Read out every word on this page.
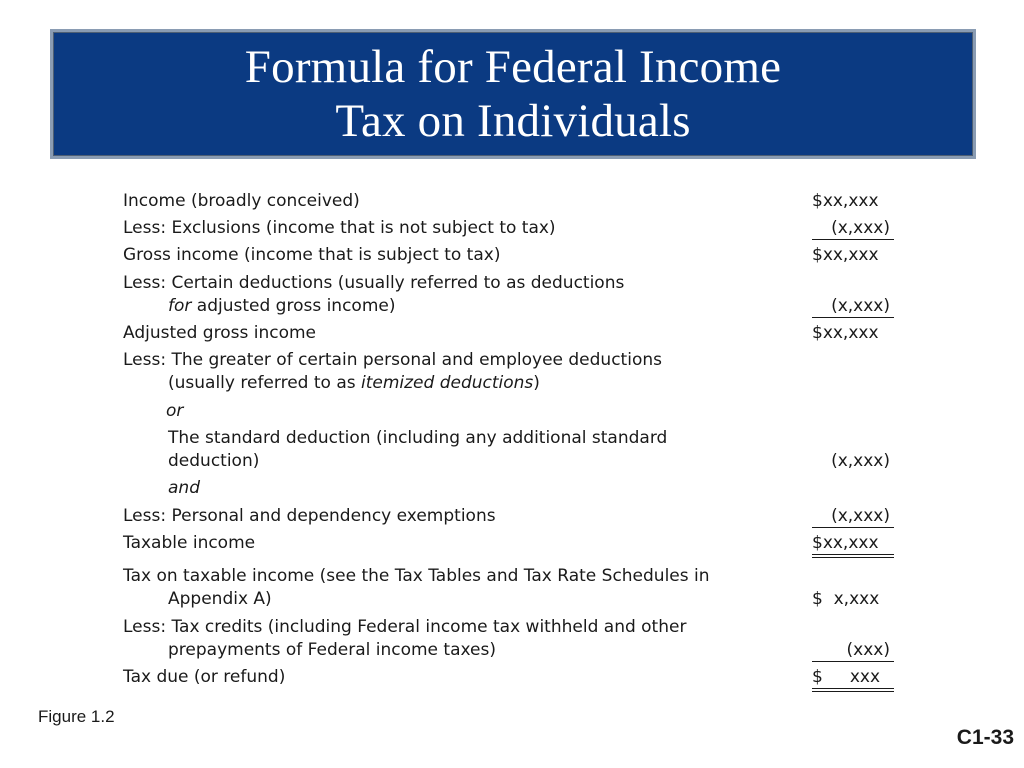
Formula for Federal Income
Tax on Individuals
Income (broadly conceived)	$xx,xxx
Less: Exclusions (income that is not subject to tax)	(x,xxx)
Gross income (income that is subject to tax)	$xx,xxx
Less: Certain deductions (usually referred to as deductions
for adjusted gross income)	(x,xxx)
Adjusted gross income	$xx,xxx
Less: The greater of certain personal and employee deductions
(usually referred to as itemized deductions)
or
The standard deduction (including any additional standard
deduction)	(x,xxx)
and
Less: Personal and dependency exemptions	(x,xxx)
Taxable income	$xx,xxx
Tax on taxable income (see the Tax Tables and Tax Rate Schedules in
Appendix A)	$  x,xxx
Less: Tax credits (including Federal income tax withheld and other
prepayments of Federal income taxes)	(xxx)
Tax due (or refund)	$     xxx
Figure 1.2
C1-33
